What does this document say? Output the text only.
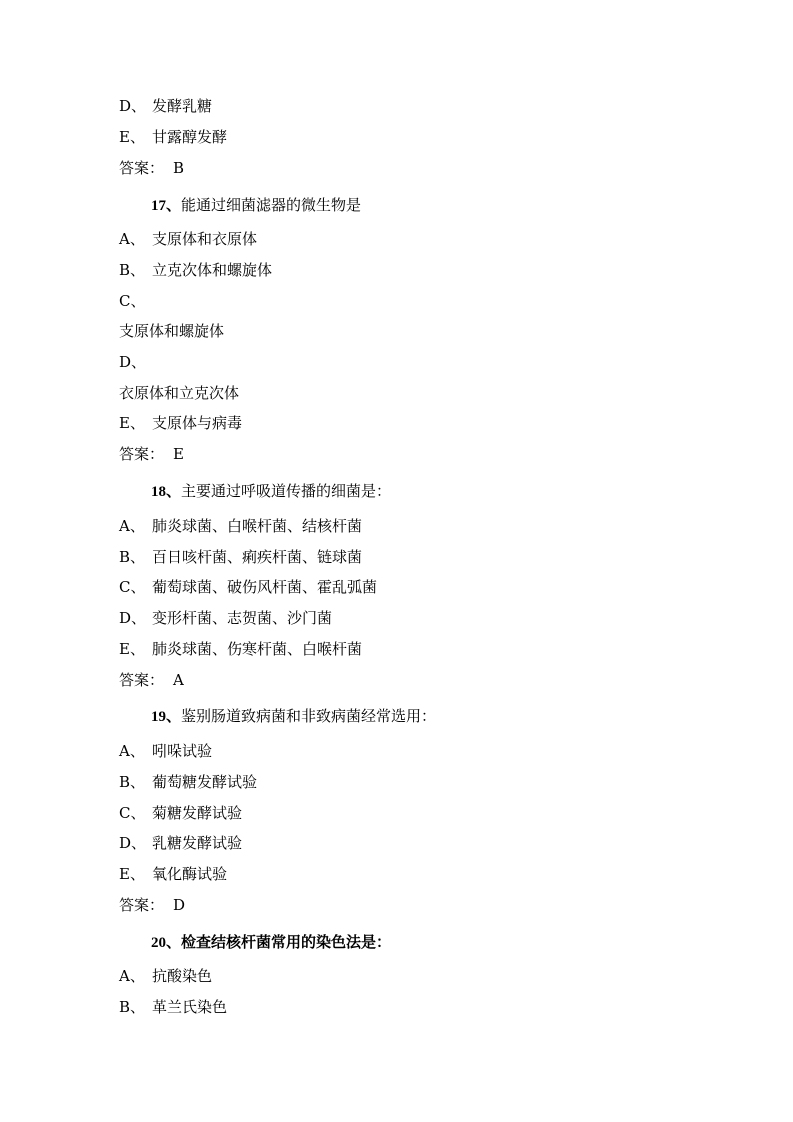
D、 发酵乳糖
E、 甘露醇发酵
答案： B
17、能通过细菌滤器的微生物是
A、 支原体和衣原体
B、 立克次体和螺旋体
C、
支原体和螺旋体
D、
衣原体和立克次体
E、 支原体与病毒
答案： E
18、主要通过呼吸道传播的细菌是：
A、 肺炎球菌、白喉杆菌、结核杆菌
B、 百日咳杆菌、痢疾杆菌、链球菌
C、 葡萄球菌、破伤风杆菌、霍乱弧菌
D、 变形杆菌、志贺菌、沙门菌
E、 肺炎球菌、伤寒杆菌、白喉杆菌
答案： A
19、鉴别肠道致病菌和非致病菌经常选用：
A、 吲哚试验
B、 葡萄糖发酵试验
C、 菊糖发酵试验
D、 乳糖发酵试验
E、 氧化酶试验
答案： D
20、检查结核杆菌常用的染色法是：
A、 抗酸染色
B、 革兰氏染色
